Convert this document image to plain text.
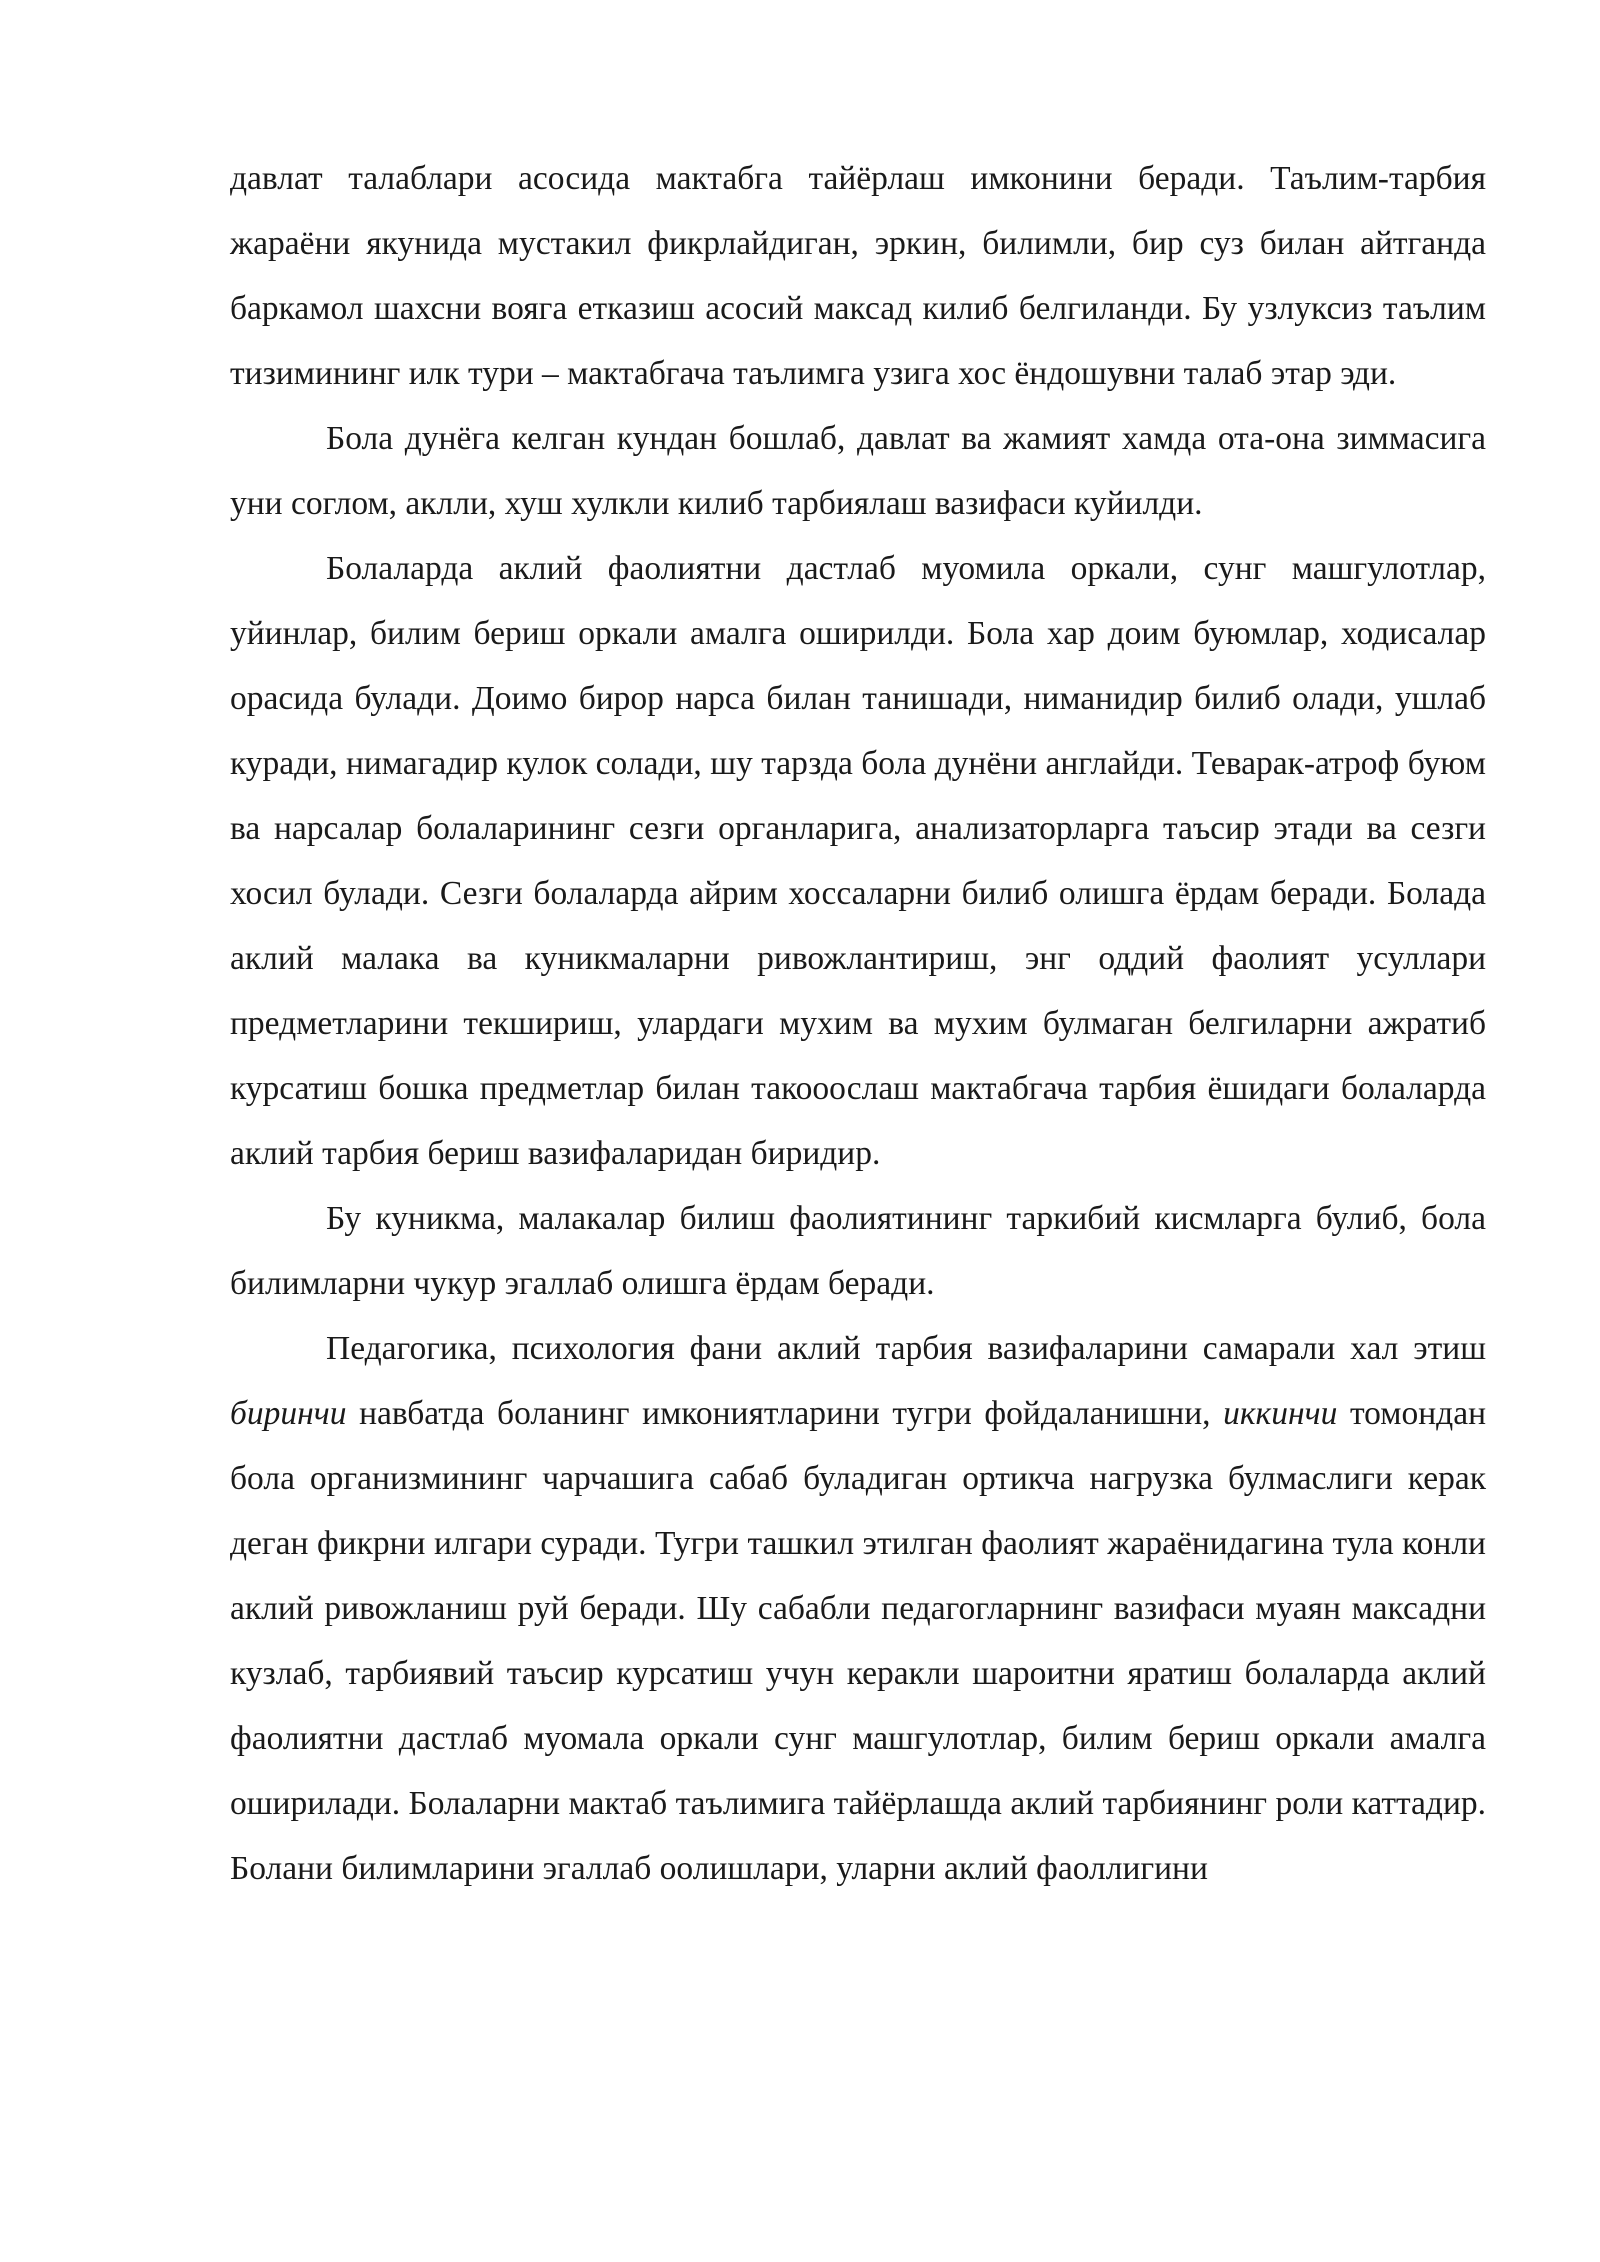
давлат талаблари асосида мактабга тайёрлаш имконини беради. Таълим-тарбия жараёни якунида мустакил фикрлайдиган, эркин, билимли, бир суз билан айтганда баркамол шахсни вояга етказиш асосий максад килиб белгиланди. Бу узлуксиз таълим тизимининг илк тури – мактабгача таълимга узига хос ёндошувни талаб этар эди.

Бола дунёга келган кундан бошлаб, давлат ва жамият хамда ота-она зиммасига уни соглом, аклли, хуш хулкли килиб тарбиялаш вазифаси куйилди.

Болаларда аклий фаолиятни дастлаб муомила оркали, сунг машгулотлар, уйинлар, билим бериш оркали амалга оширилди. Бола хар доим буюмлар, ходисалар орасида булади. Доимо бирор нарса билан танишади, ниманидир билиб олади, ушлаб куради, нимагадир кулок солади, шу тарзда бола дунёни англайди. Теварак-атроф буюм ва нарсалар болаларининг сезги органларига, анализаторларга таъсир этади ва сезги хосил булади. Сезги болаларда айрим хоссаларни билиб олишга ёрдам беради. Болада аклий малака ва куникмаларни ривожлантириш, энг оддий фаолият усуллари предметларини текшириш, улардаги мухим ва мухим булмаган белгиларни ажратиб курсатиш бошка предметлар билан такооослаш мактабгача тарбия ёшидаги болаларда аклий тарбия бериш вазифаларидан биридир.

Бу куникма, малакалар билиш фаолиятининг таркибий кисмларга булиб, бола билимларни чукур эгаллаб олишга ёрдам беради.

Педагогика, психология фани аклий тарбия вазифаларини самарали хал этиш биринчи навбатда боланинг имкониятларини тугри фойдаланишни, иккинчи томондан бола организмининг чарчашига сабаб буладиган ортикча нагрузка булмаслиги керак деган фикрни илгари суради. Тугри ташкил этилган фаолият жараёнидагина тула конли аклий ривожланиш руй беради. Шу сабабли педагогларнинг вазифаси муаян максадни кузлаб, тарбиявий таъсир курсатиш учун керакли шароитни яратиш болаларда аклий фаолиятни дастлаб муомала оркали сунг машгулотлар, билим бериш оркали амалга оширилади. Болаларни мактаб таълимига тайёрлашда аклий тарбиянинг роли каттадир. Болани билимларини эгаллаб оолишлари, уларни аклий фаоллигини
